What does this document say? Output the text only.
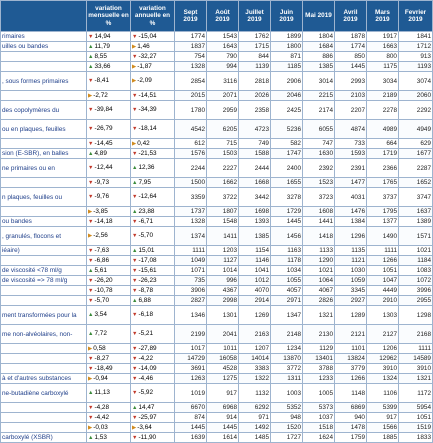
	variation mensuelle en %	variation annuelle en %	Sept 2019	Août 2019	Juillet 2019	Juin 2019	Mai 2019	Avril 2019	Mars 2019	Fevrier 2019
rimaires	▼14,94	▼-15,04	1774	1543	1762	1899	1804	1878	1917	1841
uilles ou bandes	▲11,79	▶1,46	1837	1643	1715	1800	1684	1774	1663	1712
	▲8,55	▼-32,27	754	790	844	871	886	850	800	913
	▲33,66	▶-1,87	1328	994	1139	1185	1385	1445	1175	1193
, sous formes primaires	▼-8,41	▶-2,09	2854	3116	2818	2906	3014	2993	3034	3074
	▶-2,72	▼-14,51	2015	2071	2026	2046	2215	2103	2189	2060
des copolymères du	▼-39,84	▼-34,39	1780	2959	2358	2425	2174	2207	2278	2292
ou en plaques, feuilles	▼-26,79	▼-18,14	4542	6205	4723	5236	6055	4874	4989	4949
	▼-14,45	▶0,42	612	715	749	582	747	733	664	629
sion (E-SBR), en balles	▲4,89	▼-21,53	1576	1503	1588	1747	1630	1593	1719	1677
ne primaires ou en	▼-12,44	▲12,36	2244	2227	2444	2400	2392	2391	2366	2287
	▼-9,73	▲7,95	1500	1662	1668	1655	1523	1477	1765	1652
n plaques, feuilles ou	▼-9,76	▼-12,64	3359	3722	3442	3278	3723	4031	3737	3747
	▶-3,85	▲23,88	1737	1807	1698	1729	1608	1476	1795	1637
ou bandes	▼-14,18	▼-6,71	1328	1548	1393	1445	1441	1384	1377	1389
, granulés, flocons et	▶-2,56	▼-5,70	1374	1411	1385	1456	1418	1296	1490	1571
iéaire)	▼-7,63	▲15,01	1111	1203	1154	1163	1133	1135	1111	1021
	▼-6,86	▼-17,08	1049	1127	1146	1178	1290	1121	1266	1184
de viscosité <78 ml/g	▲5,61	▼-15,61	1071	1014	1041	1034	1021	1030	1051	1083
de viscosité => 78 ml/g	▼-26,20	▼-26,23	735	996	1012	1055	1064	1059	1047	1072
	▼-10,78	▼-8,78	3906	4367	4070	4057	4067	3345	4449	3996
	▼-5,70	▲6,88	2827	2998	2914	2971	2826	2927	2910	2955
ment transformées pour la	▲3,54	▼-6,18	1346	1301	1269	1347	1321	1289	1303	1298
me non-alvéolaires, non-	▲7,72	▼-5,21	2199	2041	2163	2148	2130	2121	2127	2168
	▶0,58	▼-27,89	1017	1011	1207	1234	1129	1101	1206	1111
	▼-8,27	▼-4,22	14729	16058	14014	13870	13401	13824	12962	14589
	▼-18,49	▼-14,09	3691	4528	3383	3772	3788	3779	3910	3910
à et d'autres substances	▶-0,94	▼-4,46	1263	1275	1322	1311	1233	1266	1324	1321
ne-butadiène carboxylé	▲11,13	▼-5,92	1019	917	1132	1003	1005	1148	1106	1172
	▼-4,28	▲14,47	6670	6968	6292	5352	5373	6869	5399	5954
	▼-4,42	▼-25,97	874	914	971	948	1037	940	917	1051
	▶-0,03	▶-3,64	1445	1445	1492	1520	1518	1478	1566	1519
carboxylé (XSBR)	▲1,53	▼-11,90	1639	1614	1485	1727	1624	1759	1885	1833
